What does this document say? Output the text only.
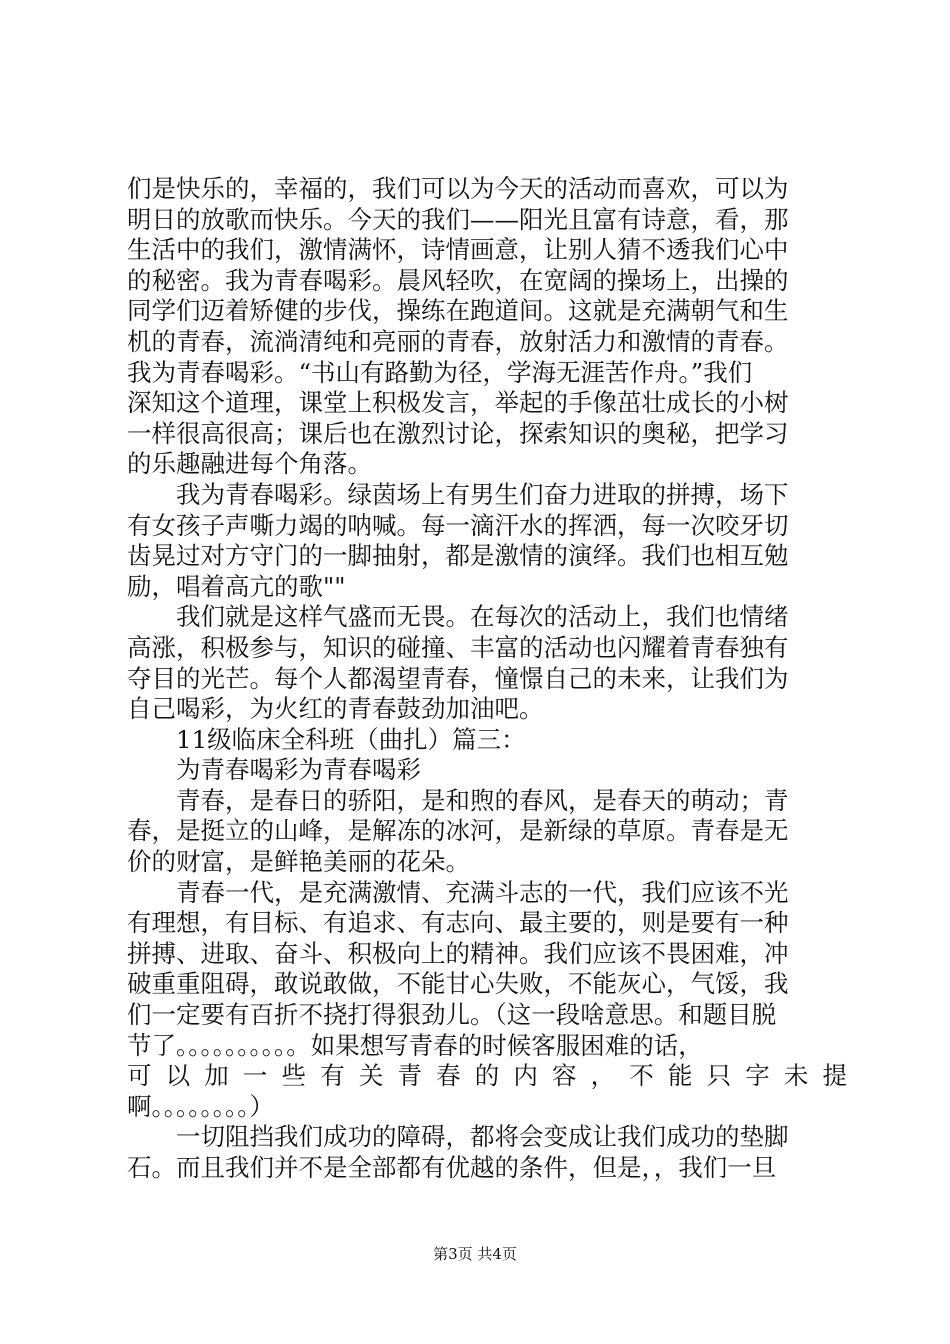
们是快乐的，幸福的，我们可以为今天的活动而喜欢，可以为
明日的放歌而快乐。今天的我们——阳光且富有诗意，看，那
生活中的我们，激情满怀，诗情画意，让别人猜不透我们心中
的秘密。我为青春喝彩。晨风轻吹，在宽阔的操场上，出操的
同学们迈着矫健的步伐，操练在跑道间。这就是充满朝气和生
机的青春，流淌清纯和亮丽的青春，放射活力和激情的青春。
我为青春喝彩。“书山有路勤为径，学海无涯苦作舟。”我们
深知这个道理，课堂上积极发言，举起的手像茁壮成长的小树
一样很高很高；课后也在激烈讨论，探索知识的奥秘，把学习
的乐趣融进每个角落。
我为青春喝彩。绿茵场上有男生们奋力进取的拼搏，场下
有女孩子声嘶力竭的呐喊。每一滴汗水的挥洒，每一次咬牙切
齿晃过对方守门的一脚抽射，都是激情的演绎。我们也相互勉
励，唱着高亢的歌""
我们就是这样气盛而无畏。在每次的活动上，我们也情绪
高涨，积极参与，知识的碰撞、丰富的活动也闪耀着青春独有
夺目的光芒。每个人都渴望青春，憧憬自己的未来，让我们为
自己喝彩，为火红的青春鼓劲加油吧。
11级临床全科班（曲扎）篇三：
为青春喝彩为青春喝彩
青春，是春日的骄阳，是和煦的春风，是春天的萌动；青
春，是挺立的山峰，是解冻的冰河，是新绿的草原。青春是无
价的财富，是鲜艳美丽的花朵。
青春一代，是充满激情、充满斗志的一代，我们应该不光
有理想，有目标、有追求、有志向、最主要的，则是要有一种
拼搏、进取、奋斗、积极向上的精神。我们应该不畏困难，冲
破重重阻碍，敢说敢做，不能甘心失败，不能灰心，气馁，我
们一定要有百折不挠打得狠劲儿。（这一段啥意思。和题目脱
节了。。。。。。。。。。如果想写青春的时候客服困难的话，
可以加一些有关青春的内容，不能只字未提
啊。。。。。。。。）
一切阻挡我们成功的障碍，都将会变成让我们成功的垫脚
石。而且我们并不是全部都有优越的条件，但是，，我们一旦
第3页 共4页
